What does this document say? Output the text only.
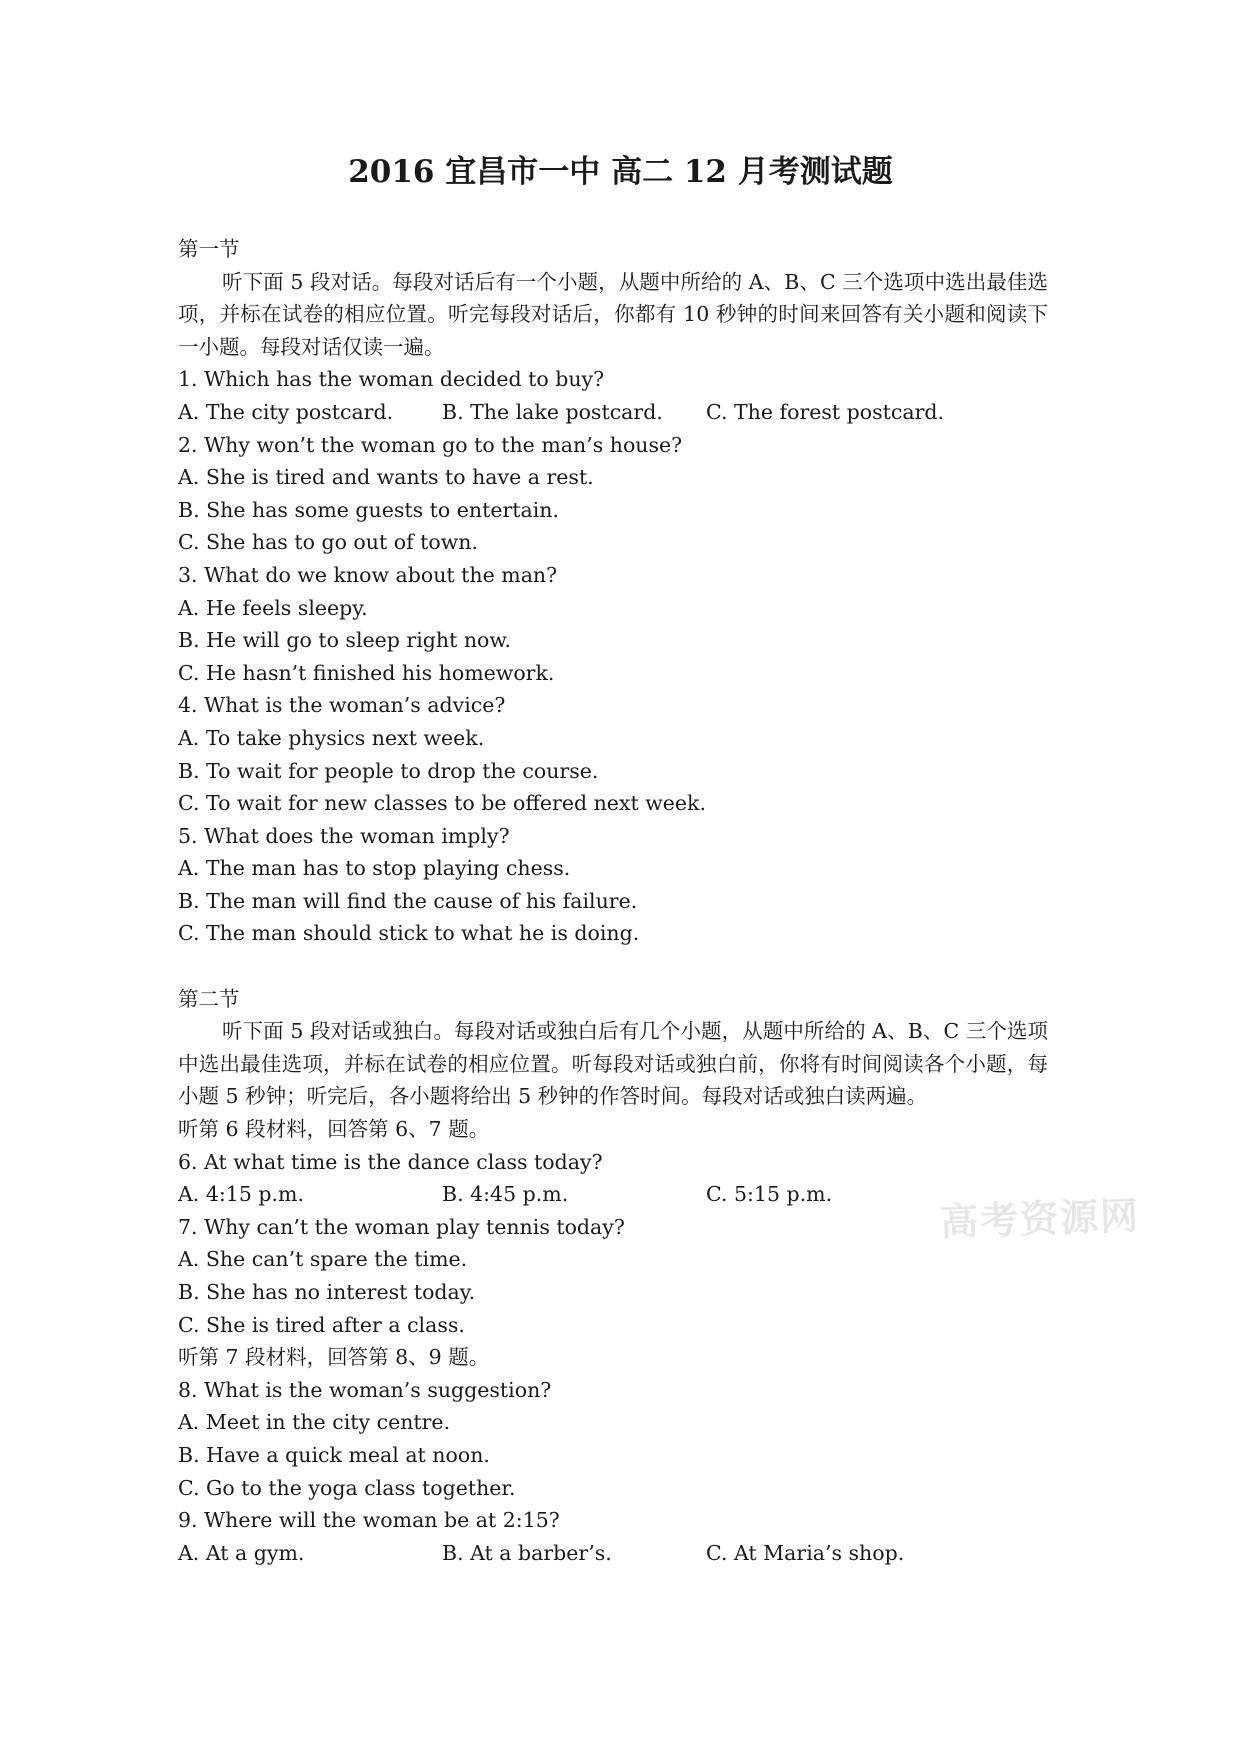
2016 宜昌市一中 高二 12 月考测试题
第一节
听下面 5 段对话。每段对话后有一个小题，从题中所给的 A、B、C 三个选项中选出最佳选项，并标在试卷的相应位置。听完每段对话后，你都有 10 秒钟的时间来回答有关小题和阅读下一小题。每段对话仅读一遍。
1. Which has the woman decided to buy?
A. The city postcard.	B. The lake postcard.	C. The forest postcard.
2. Why won’t the woman go to the man’s house?
A. She is tired and wants to have a rest.
B. She has some guests to entertain.
C. She has to go out of town.
3. What do we know about the man?
A. He feels sleepy.
B. He will go to sleep right now.
C. He hasn’t finished his homework.
4. What is the woman’s advice?
A. To take physics next week.
B. To wait for people to drop the course.
C. To wait for new classes to be offered next week.
5. What does the woman imply?
A. The man has to stop playing chess.
B. The man will find the cause of his failure.
C. The man should stick to what he is doing.
第二节
听下面 5 段对话或独白。每段对话或独白后有几个小题，从题中所给的 A、B、C 三个选项中选出最佳选项，并标在试卷的相应位置。听每段对话或独白前，你将有时间阅读各个小题，每小题 5 秒钟；听完后，各小题将给出 5 秒钟的作答时间。每段对话或独白读两遍。
听第 6 段材料，回答第 6、7 题。
6. At what time is the dance class today?
A. 4:15 p.m.	B. 4:45 p.m.	C. 5:15 p.m.
7. Why can’t the woman play tennis today?
A. She can’t spare the time.
B. She has no interest today.
C. She is tired after a class.
听第 7 段材料，回答第 8、9 题。
8. What is the woman’s suggestion?
A. Meet in the city centre.
B. Have a quick meal at noon.
C. Go to the yoga class together.
9. Where will the woman be at 2:15?
A. At a gym.	B. At a barber’s.	C. At Maria’s shop.
高考资源网
